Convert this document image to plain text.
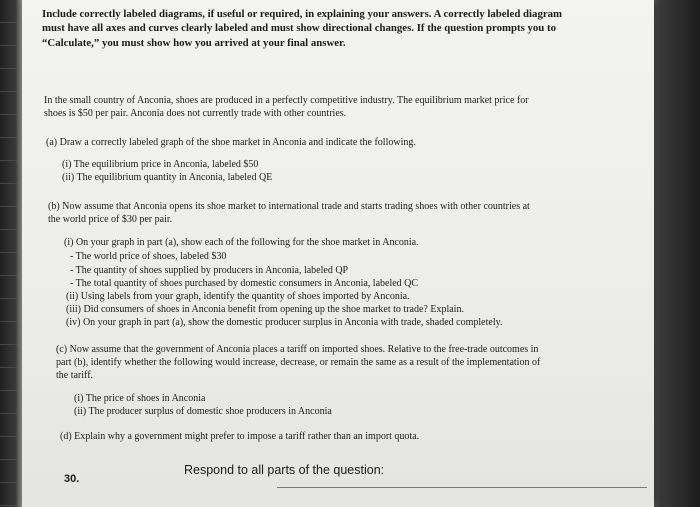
Include correctly labeled diagrams, if useful or required, in explaining your answers. A correctly labeled diagram
must have all axes and curves clearly labeled and must show directional changes. If the question prompts you to
“Calculate,” you must show how you arrived at your final answer.
In the small country of Anconia, shoes are produced in a perfectly competitive industry. The equilibrium market price for
shoes is $50 per pair. Anconia does not currently trade with other countries.
(a) Draw a correctly labeled graph of the shoe market in Anconia and indicate the following.
(i) The equilibrium price in Anconia, labeled $50
(ii) The equilibrium quantity in Anconia, labeled QE
(b) Now assume that Anconia opens its shoe market to international trade and starts trading shoes with other countries at
the world price of $30 per pair.
(i) On your graph in part (a), show each of the following for the shoe market in Anconia.
- The world price of shoes, labeled $30
- The quantity of shoes supplied by producers in Anconia, labeled QP
- The total quantity of shoes purchased by domestic consumers in Anconia, labeled QC
(ii) Using labels from your graph, identify the quantity of shoes imported by Anconia.
(iii) Did consumers of shoes in Anconia benefit from opening up the shoe market to trade? Explain.
(iv) On your graph in part (a), show the domestic producer surplus in Anconia with trade, shaded completely.
(c) Now assume that the government of Anconia places a tariff on imported shoes. Relative to the free-trade outcomes in
part (b), identify whether the following would increase, decrease, or remain the same as a result of the implementation of
the tariff.
(i) The price of shoes in Anconia
(ii) The producer surplus of domestic shoe producers in Anconia
(d) Explain why a government might prefer to impose a tariff rather than an import quota.
30.
Respond to all parts of the question:
